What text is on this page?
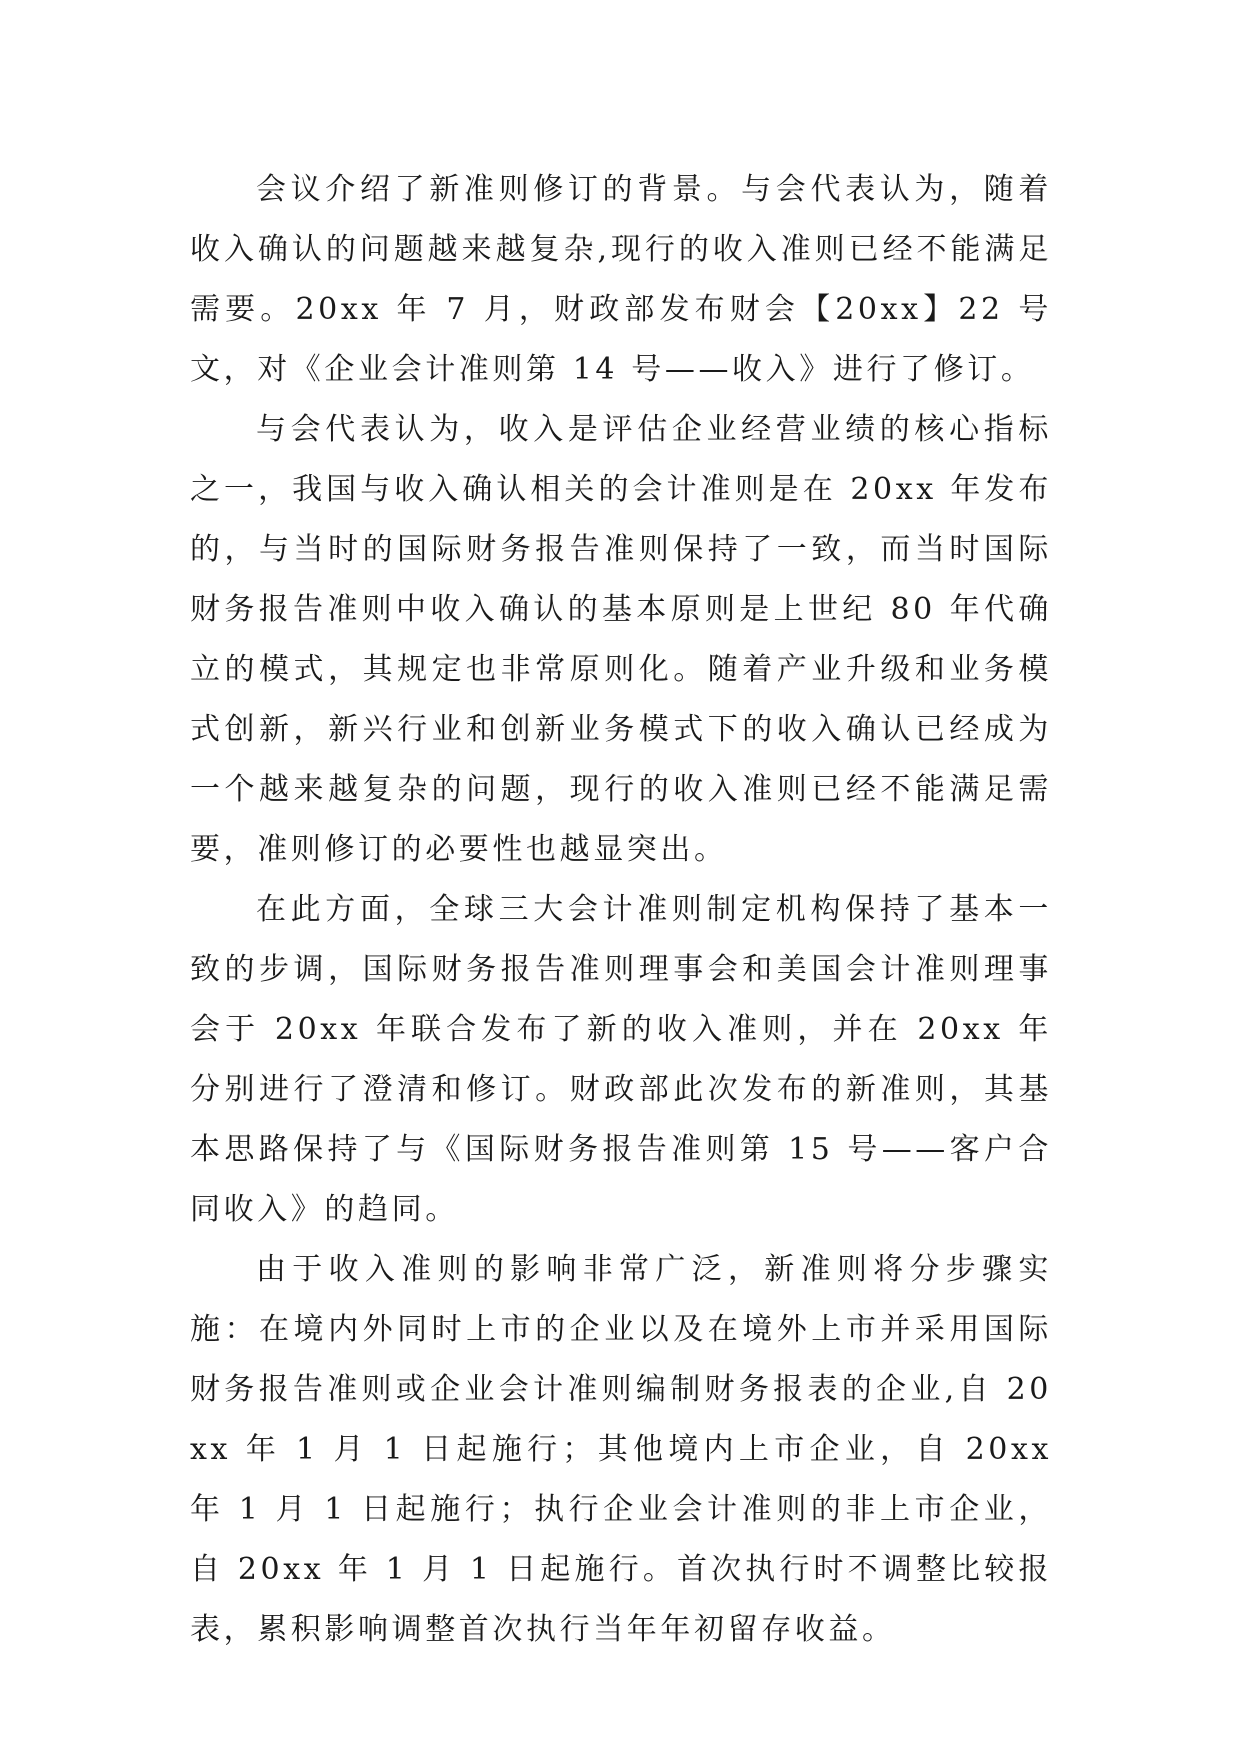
会议介绍了新准则修订的背景。与会代表认为，随着收入确认的问题越来越复杂,现行的收入准则已经不能满足需要。20xx 年 7 月，财政部发布财会【20xx】22 号文，对《企业会计准则第 14 号——收入》进行了修订。

与会代表认为，收入是评估企业经营业绩的核心指标之一，我国与收入确认相关的会计准则是在 20xx 年发布的，与当时的国际财务报告准则保持了一致，而当时国际财务报告准则中收入确认的基本原则是上世纪 80 年代确立的模式，其规定也非常原则化。随着产业升级和业务模式创新，新兴行业和创新业务模式下的收入确认已经成为一个越来越复杂的问题，现行的收入准则已经不能满足需要，准则修订的必要性也越显突出。

在此方面，全球三大会计准则制定机构保持了基本一致的步调，国际财务报告准则理事会和美国会计准则理事会于 20xx 年联合发布了新的收入准则，并在 20xx 年分别进行了澄清和修订。财政部此次发布的新准则，其基本思路保持了与《国际财务报告准则第 15 号——客户合同收入》的趋同。

由于收入准则的影响非常广泛，新准则将分步骤实施：在境内外同时上市的企业以及在境外上市并采用国际财务报告准则或企业会计准则编制财务报表的企业,自 20xx 年 1 月 1 日起施行；其他境内上市企业，自 20xx 年 1 月 1 日起施行；执行企业会计准则的非上市企业，自 20xx 年 1 月 1 日起施行。首次执行时不调整比较报表，累积影响调整首次执行当年年初留存收益。
